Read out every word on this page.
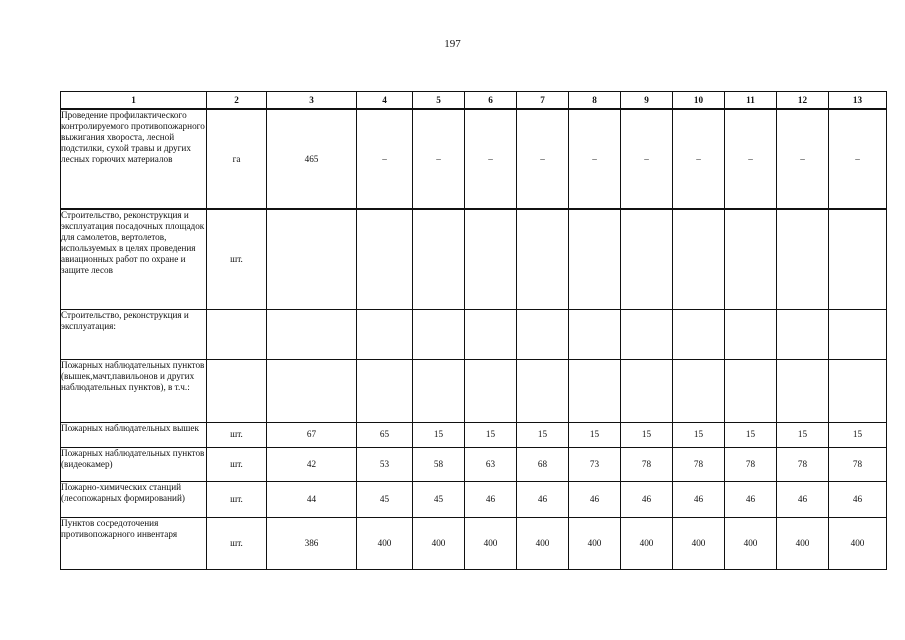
197
1	2	3	4	5	6	7	8	9	10	11	12	13
Проведение профилактического контролируемого противопожарного выжигания хвороста, лесной подстилки, сухой травы и других лесных горючих материалов	га	465	–	–	–	–	–	–	–	–	–	–
Строительство, реконструкция и эксплуатация посадочных площадок для самолетов, вертолетов, используемых в целях проведения авиационных работ по охране и защите лесов	шт.											
Строительство, реконструкция и эксплуатация:												
Пожарных наблюдательных пунктов (вышек,мачт,павильонов и других наблюдательных пунктов), в т.ч.:												
Пожарных наблюдательных вышек	шт.	67	65	15	15	15	15	15	15	15	15	15
Пожарных наблюдательных пунктов (видеокамер)	шт.	42	53	58	63	68	73	78	78	78	78	78
Пожарно-химических станций (лесопожарных формирований)	шт.	44	45	45	46	46	46	46	46	46	46	46
Пунктов сосредоточения противопожарного инвентаря	шт.	386	400	400	400	400	400	400	400	400	400	400
